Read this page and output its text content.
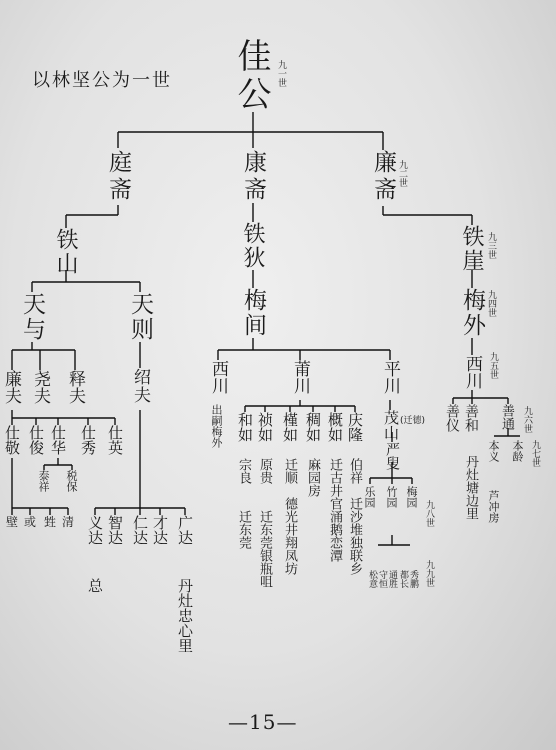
以林坚公为一世 佳公 九一世
庭斋	康斋	廉斋 九二世
铁山	铁狄	铁崖 九三世
天与	天则	梅间	梅外 九四世
廉夫 尧夫 释夫	绍夫	西川
出嗣梅外
莆川	平川	西川 九五世
仕敬 仕俊 仕华 仕秀 仕英
泰祥 税保
义达 智达 仁达 才达 广达
和如 祯如 槿如 稠如 概如 庆隆 茂山 (迁德) 善仪 善和 善通 九六世
壁 或 甡 清
总	丹灶忠心里
宗良 原贵 迁顺 麻园房 迁古井 伯祥
严叟	丹灶塘边里
本义 本龄
芦冲房
九七世
迁东莞 迁东莞银瓶咀 德光井翔凤坊 官涌鹅恋潭 迁沙堆独联乡 乐园 竹园 梅园
九八世
松意 守恒 通胜 都长 秀鹏 九九世
—15—
